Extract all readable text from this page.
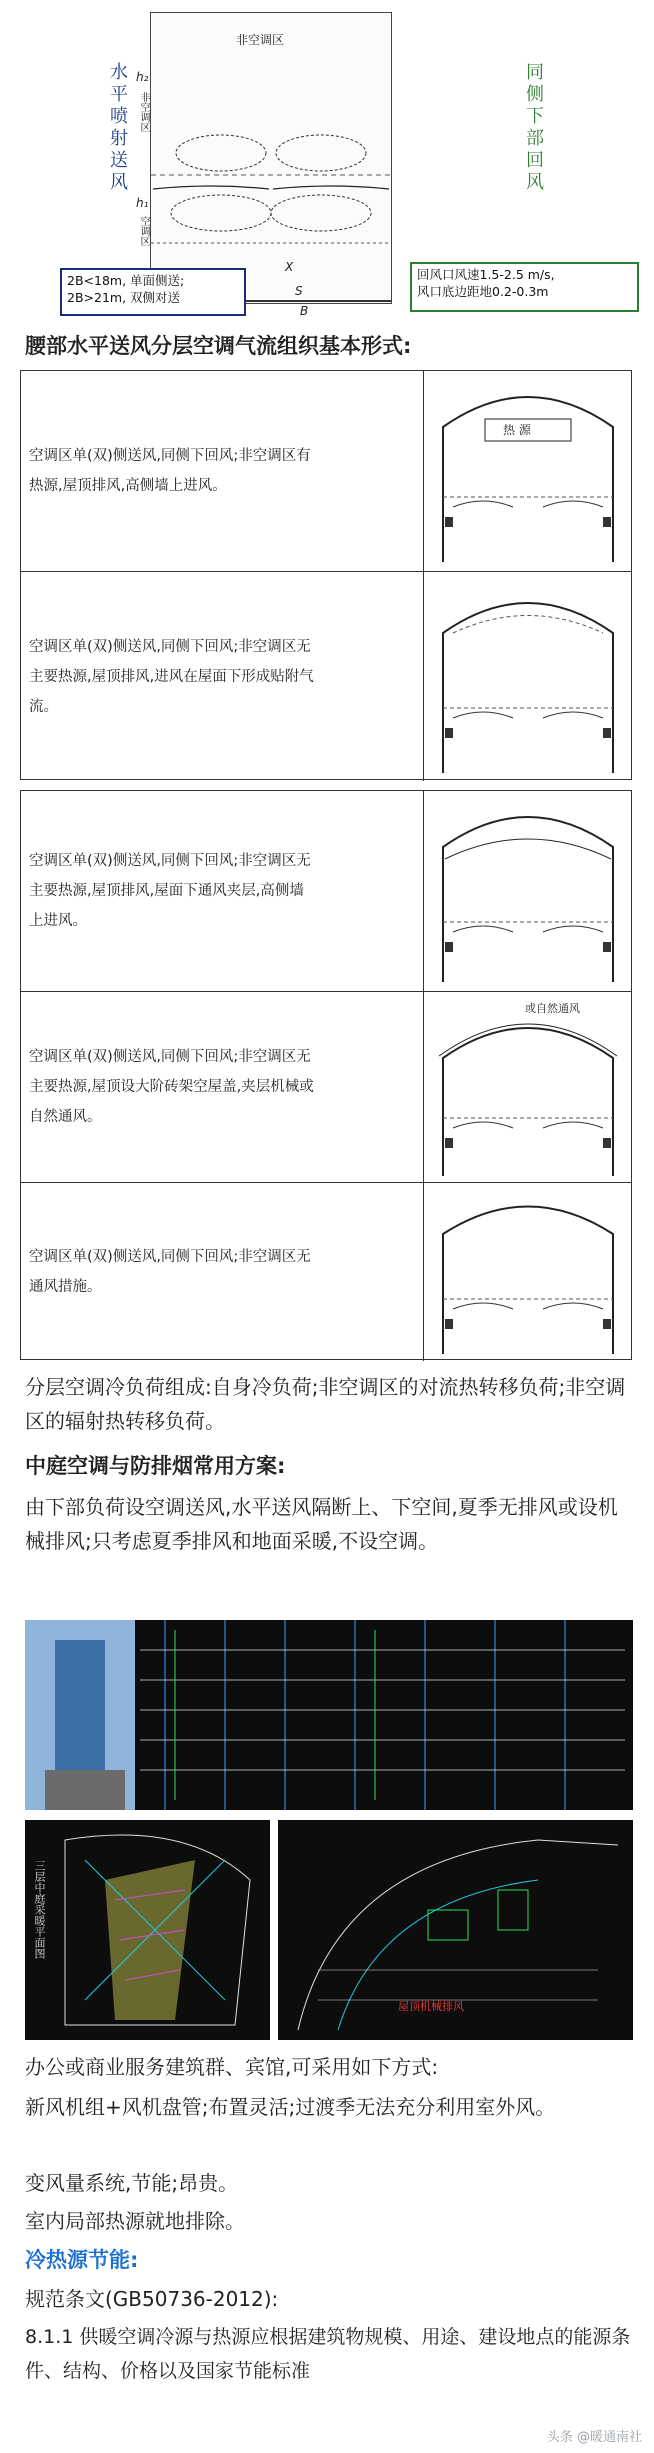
水平喷射送风	同侧下部回风
非空调区
h₂
非空调区
h₁
空调区
X
S
B
2B<18m, 单面侧送;
2B>21m, 双侧对送
回风口风速1.5-2.5 m/s,
风口底边距地0.2-0.3m
腰部水平送风分层空调气流组织基本形式:
空调区单(双)侧送风,同侧下回风;非空调区有
热源,屋顶排风,高侧墙上进风。
热 源
空调区单(双)侧送风,同侧下回风;非空调区无
主要热源,屋顶排风,进风在屋面下形成贴附气
流。
空调区单(双)侧送风,同侧下回风;非空调区无
主要热源,屋顶排风,屋面下通风夹层,高侧墙
上进风。
空调区单(双)侧送风,同侧下回风;非空调区无
主要热源,屋顶设大阶砖架空屋盖,夹层机械或
自然通风。
或自然通风
空调区单(双)侧送风,同侧下回风;非空调区无
通风措施。
分层空调冷负荷组成:自身冷负荷;非空调区的对流热转移负荷;非空调区的辐射热转移负荷。
中庭空调与防排烟常用方案:
由下部负荷设空调送风,水平送风隔断上、下空间,夏季无排风或设机械排风;只考虑夏季排风和地面采暖,不设空调。
三层中庭采暖平面图
屋顶机械排风
办公或商业服务建筑群、宾馆,可采用如下方式:
新风机组+风机盘管;布置灵活;过渡季无法充分利用室外风。
变风量系统,节能;昂贵。
室内局部热源就地排除。
冷热源节能:
规范条文(GB50736-2012):
8.1.1 供暖空调冷源与热源应根据建筑物规模、用途、建设地点的能源条件、结构、价格以及国家节能标准
头条 @暖通南社
